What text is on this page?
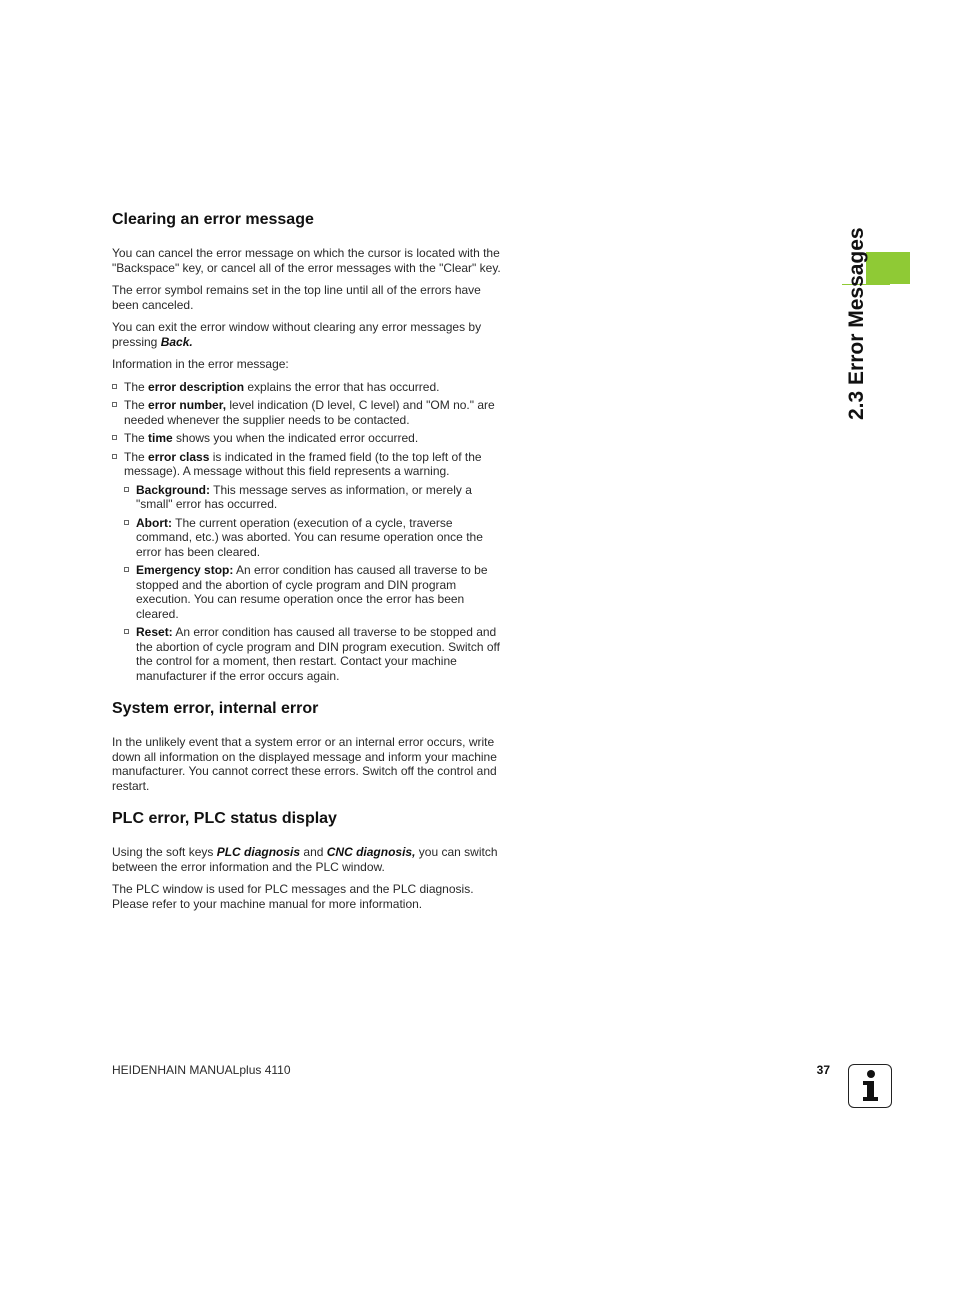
2.3 Error Messages
Clearing an error message

You can cancel the error message on which the cursor is located with the "Backspace" key, or cancel all of the error messages with the "Clear" key.

The error symbol remains set in the top line until all of the errors have been canceled.

You can exit the error window without clearing any error messages by pressing Back.

Information in the error message:

The error description explains the error that has occurred.
The error number, level indication (D level, C level) and "OM no." are needed whenever the supplier needs to be contacted.
The time shows you when the indicated error occurred.
The error class is indicated in the framed field (to the top left of the message). A message without this field represents a warning.
Background: This message serves as information, or merely a "small" error has occurred.
Abort: The current operation (execution of a cycle, traverse command, etc.) was aborted. You can resume operation once the error has been cleared.
Emergency stop: An error condition has caused all traverse to be stopped and the abortion of cycle program and DIN program execution. You can resume operation once the error has been cleared.
Reset: An error condition has caused all traverse to be stopped and the abortion of cycle program and DIN program execution. Switch off the control for a moment, then restart. Contact your machine manufacturer if the error occurs again.
System error, internal error

In the unlikely event that a system error or an internal error occurs, write down all information on the displayed message and inform your machine manufacturer. You cannot correct these errors. Switch off the control and restart.

PLC error, PLC status display

Using the soft keys PLC diagnosis and CNC diagnosis, you can switch between the error information and the PLC window.

The PLC window is used for PLC messages and the PLC diagnosis. Please refer to your machine manual for more information.

HEIDENHAIN MANUALplus 4110	37
